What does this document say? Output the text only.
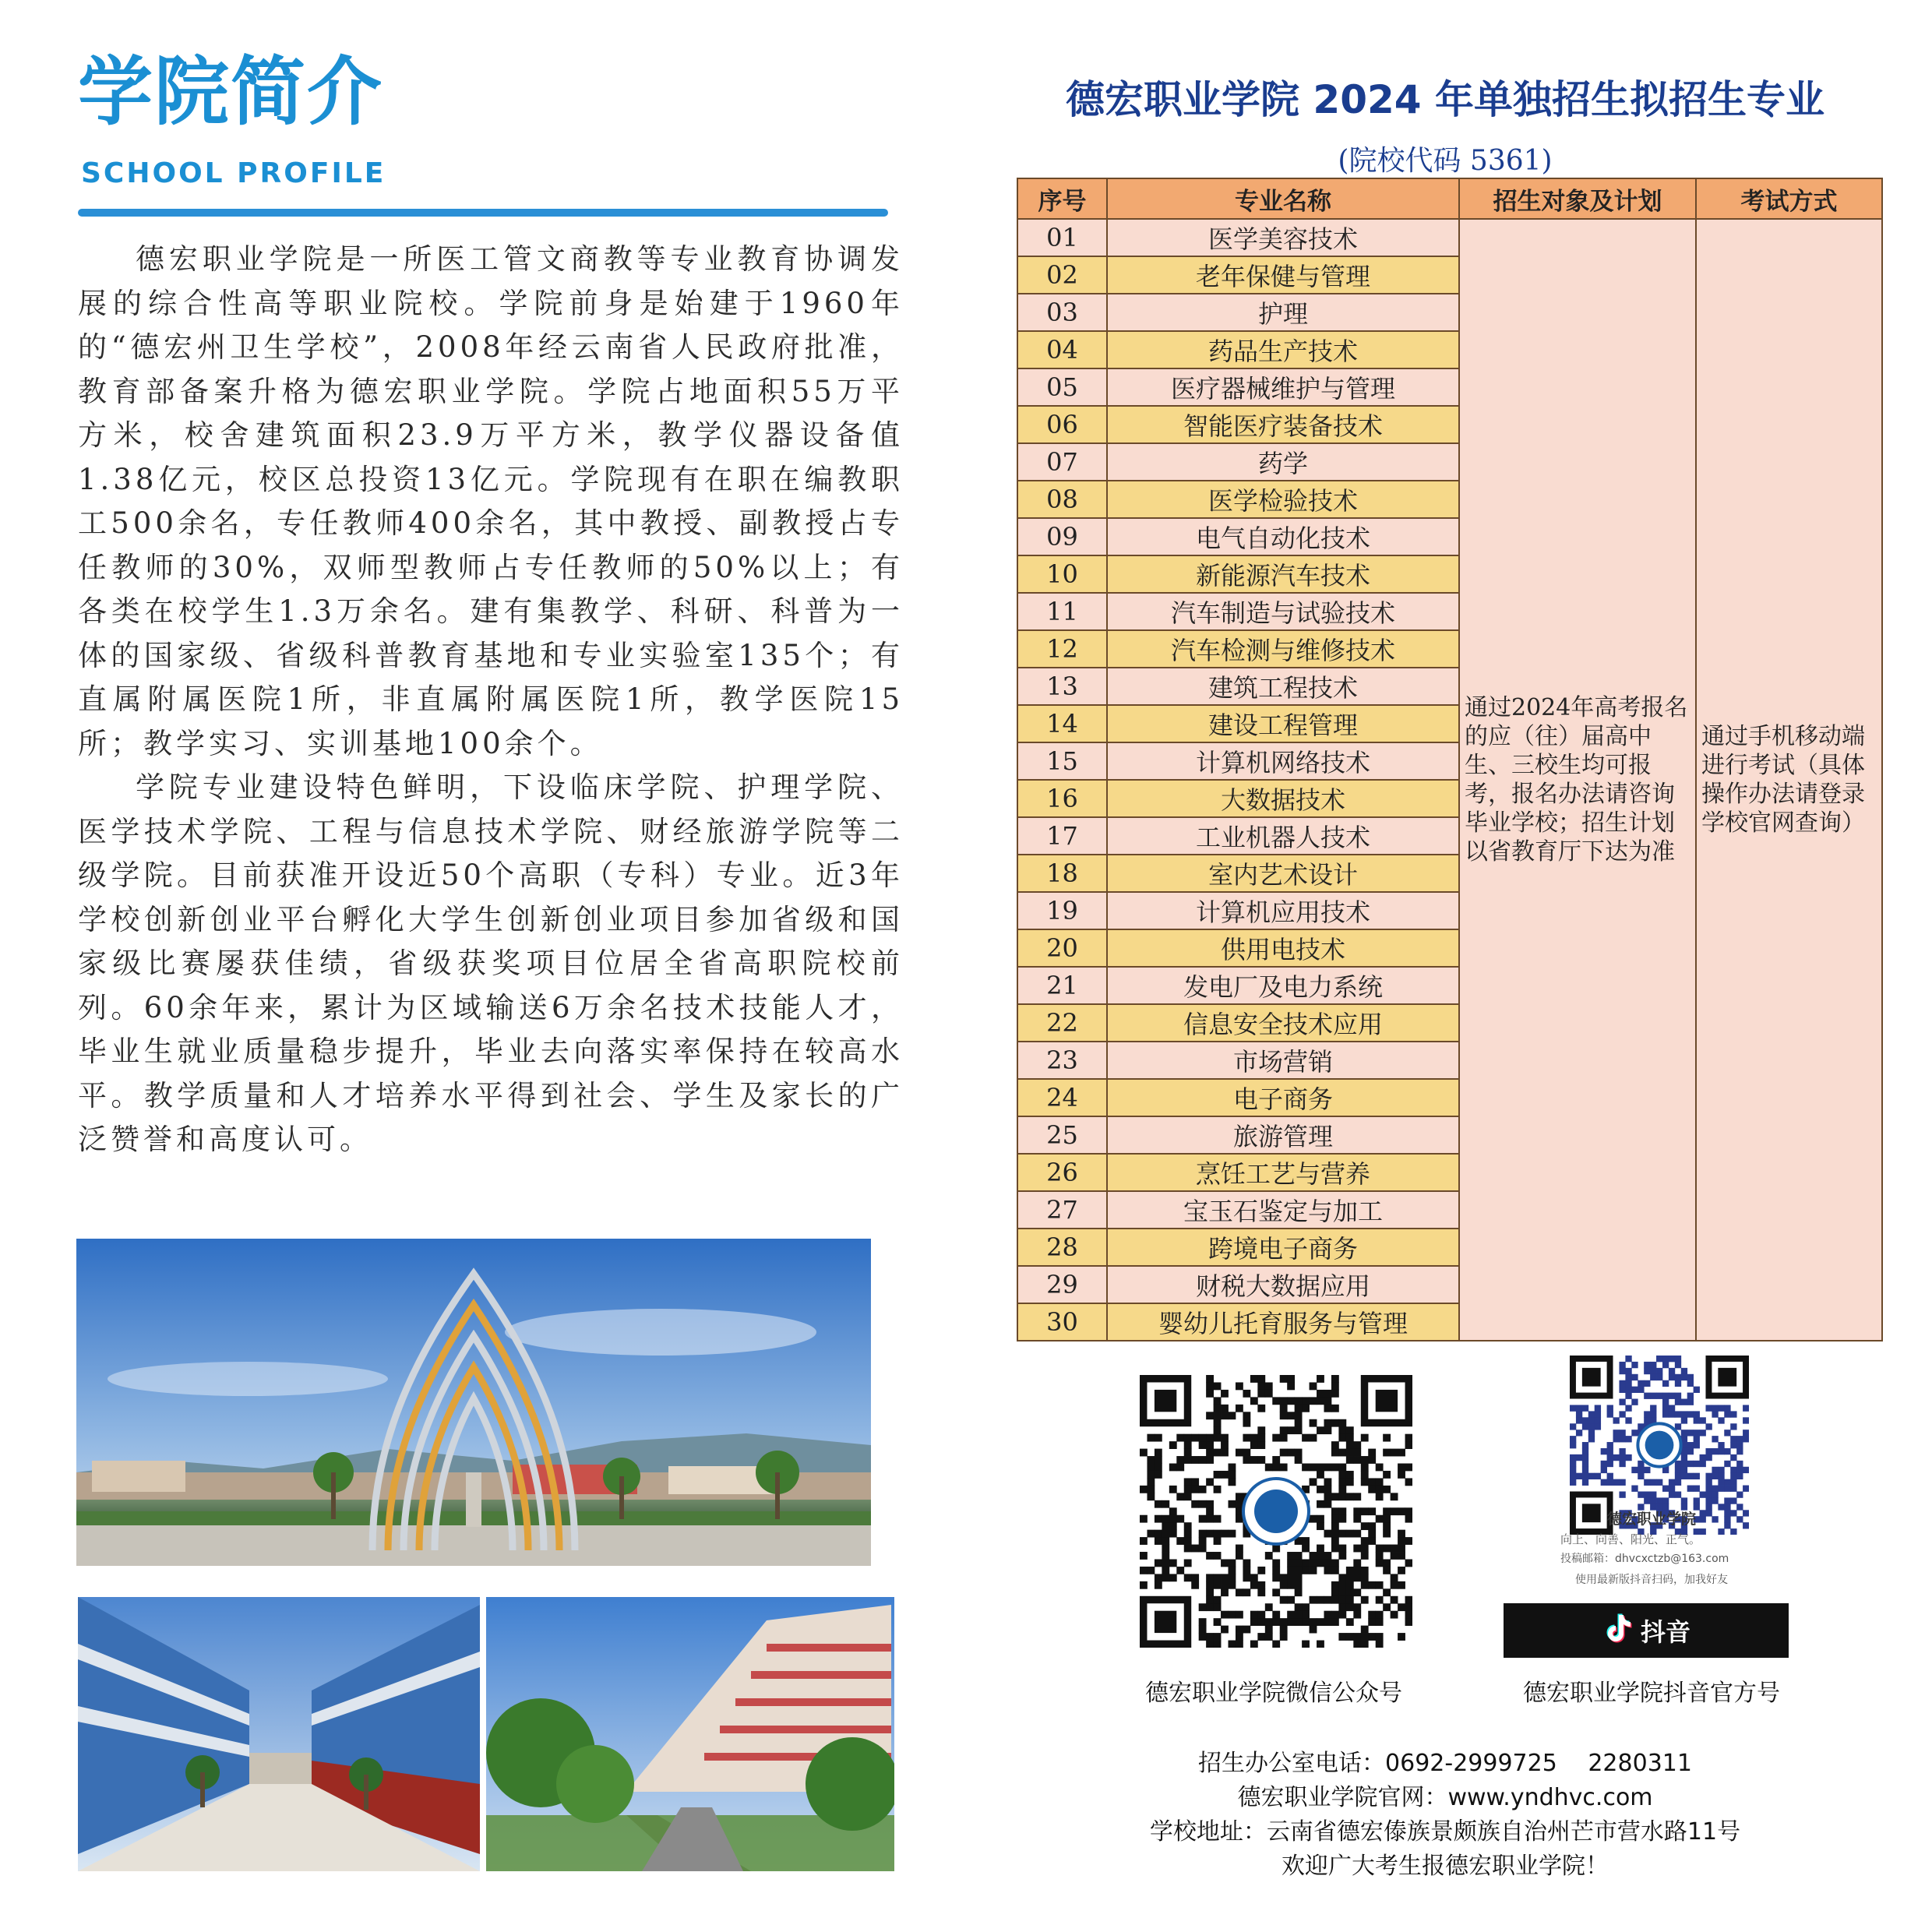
学院简介
SCHOOL PROFILE

德宏职业学院是一所医工管文商教等专业教育协调发展的综合性高等职业院校。学院前身是始建于1960年的“德宏州卫生学校”，2008年经云南省人民政府批准，教育部备案升格为德宏职业学院。学院占地面积55万平方米，校舍建筑面积23.9万平方米，教学仪器设备值1.38亿元，校区总投资13亿元。学院现有在职在编教职工500余名，专任教师400余名，其中教授、副教授占专任教师的30%，双师型教师占专任教师的50%以上；有各类在校学生1.3万余名。建有集教学、科研、科普为一体的国家级、省级科普教育基地和专业实验室135个；有直属附属医院1所，非直属附属医院1所，教学医院15所；教学实习、实训基地100余个。

学院专业建设特色鲜明，下设临床学院、护理学院、医学技术学院、工程与信息技术学院、财经旅游学院等二级学院。目前获准开设近50个高职（专科）专业。近3年学校创新创业平台孵化大学生创新创业项目参加省级和国家级比赛屡获佳绩，省级获奖项目位居全省高职院校前列。60余年来，累计为区域输送6万余名技术技能人才，毕业生就业质量稳步提升，毕业去向落实率保持在较高水平。教学质量和人才培养水平得到社会、学生及家长的广泛赞誉和高度认可。

德宏职业学院 2024 年单独招生拟招生专业
(院校代码 5361)
序号	专业名称	招生对象及计划	考试方式
01	医学美容技术	通过2024年高考报名的应（往）届高中生、三校生均可报考，报名办法请咨询毕业学校；招生计划以省教育厅下达为准	通过手机移动端进行考试（具体操作办法请登录学校官网查询）
02	老年保健与管理		
03	护理		
04	药品生产技术		
05	医疗器械维护与管理		
06	智能医疗装备技术		
07	药学		
08	医学检验技术		
09	电气自动化技术		
10	新能源汽车技术		
11	汽车制造与试验技术		
12	汽车检测与维修技术		
13	建筑工程技术		
14	建设工程管理		
15	计算机网络技术		
16	大数据技术		
17	工业机器人技术		
18	室内艺术设计		
19	计算机应用技术		
20	供用电技术		
21	发电厂及电力系统		
22	信息安全技术应用		
23	市场营销		
24	电子商务		
25	旅游管理		
26	烹饪工艺与营养		
27	宝玉石鉴定与加工		
28	跨境电子商务		
29	财税大数据应用		
30	婴幼儿托育服务与管理		
德宏职业学院
向上、向善、阳光、正气。
投稿邮箱：dhvcxctzb@163.com
使用最新版抖音扫码，加我好友
抖音
德宏职业学院微信公众号	德宏职业学院抖音官方号
招生办公室电话：0692-2999725　 2280311
德宏职业学院官网：www.yndhvc.com
学校地址：云南省德宏傣族景颇族自治州芒市营水路11号
欢迎广大考生报德宏职业学院！
